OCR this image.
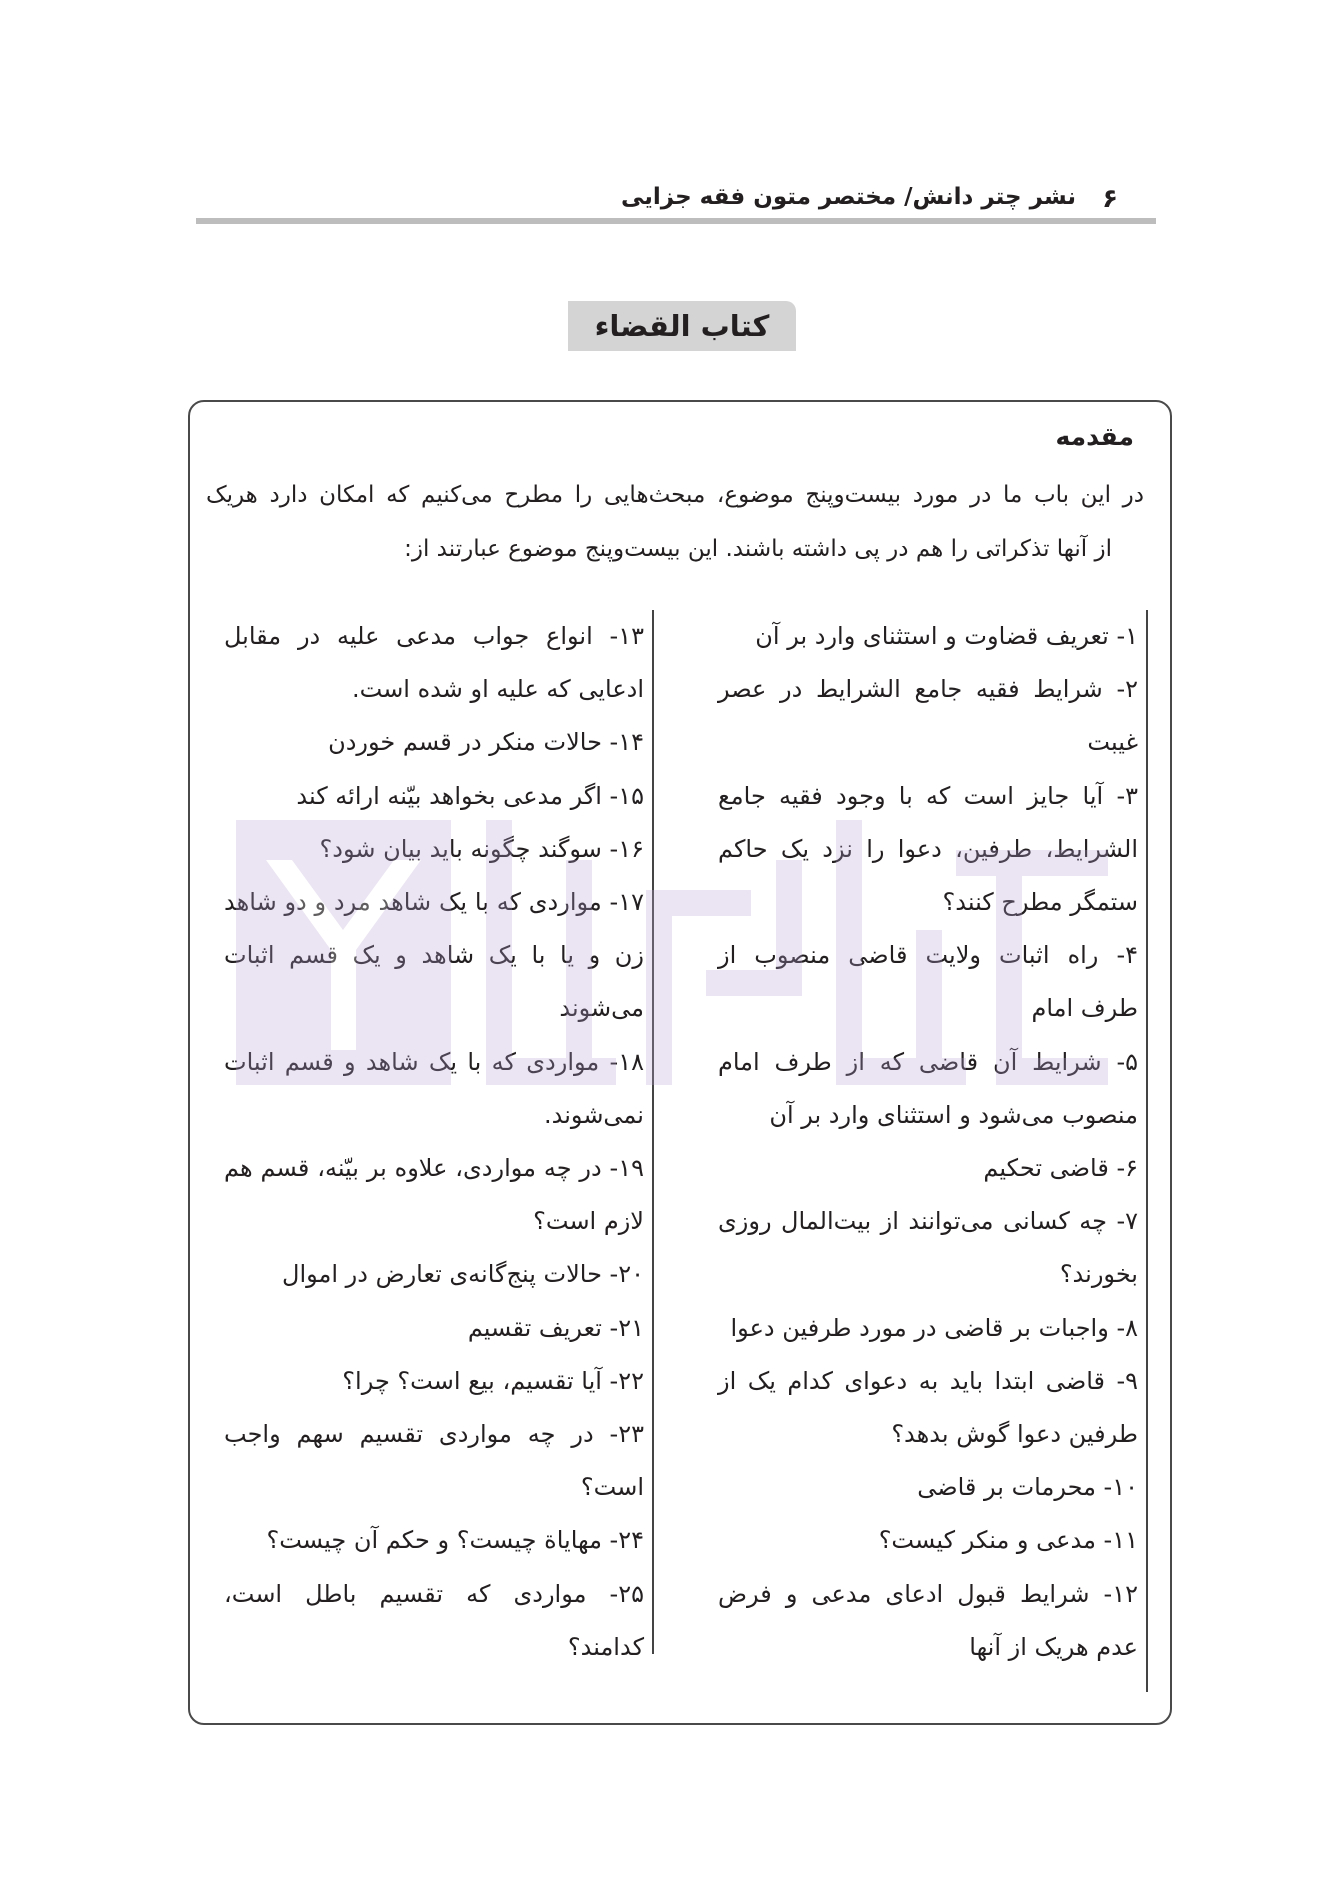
۶
نشر چتر دانش/ مختصر متون فقه جزایی
کتاب القضاء
مقدمه
در این باب ما در مورد بیست‌وپنج موضوع، مبحث‌هایی را مطرح می‌کنیم که امکان دارد هریک
از آنها تذکراتی را هم در پی داشته باشند. این بیست‌وپنج موضوع عبارتند از:

۱- تعریف قضاوت و استثنای وارد بر آن

۲- شرایط فقیه جامع الشرایط در عصر غیبت

۳- آیا جایز است که با وجود فقیه جامع الشرایط، طرفین، دعوا را نزد یک حاکم ستمگر مطرح کنند؟

۴- راه اثبات ولایت قاضی منصوب از طرف امام

۵- شرایط آن قاضی که از طرف امام منصوب می‌شود و استثنای وارد بر آن

۶- قاضی تحکیم

۷- چه کسانی می‌توانند از بیت‌المال روزی بخورند؟

۸- واجبات بر قاضی در مورد طرفین دعوا

۹- قاضی ابتدا باید به دعوای کدام یک از طرفین دعوا گوش بدهد؟

۱۰- محرمات بر قاضی

۱۱- مدعی و منکر کیست؟

۱۲- شرایط قبول ادعای مدعی و فرض عدم هریک از آنها

۱۳- انواع جواب مدعی علیه در مقابل ادعایی که علیه او شده است.

۱۴- حالات منکر در قسم خوردن

۱۵- اگر مدعی بخواهد بیّنه ارائه کند

۱۶- سوگند چگونه باید بیان شود؟

۱۷- مواردی که با یک شاهد مرد و دو شاهد زن و یا با یک شاهد و یک قسم اثبات می‌شوند

۱۸- مواردی که با یک شاهد و قسم اثبات نمی‌شوند.

۱۹- در چه مواردی، علاوه بر بیّنه، قسم هم لازم است؟

۲۰- حالات پنج‌گانه‌ی تعارض در اموال

۲۱- تعریف تقسیم

۲۲- آیا تقسیم، بیع است؟ چرا؟

۲۳- در چه مواردی تقسیم سهم واجب است؟

۲۴- مهایاة چیست؟ و حکم آن چیست؟

۲۵- مواردی که تقسیم باطل است، کدامند؟
